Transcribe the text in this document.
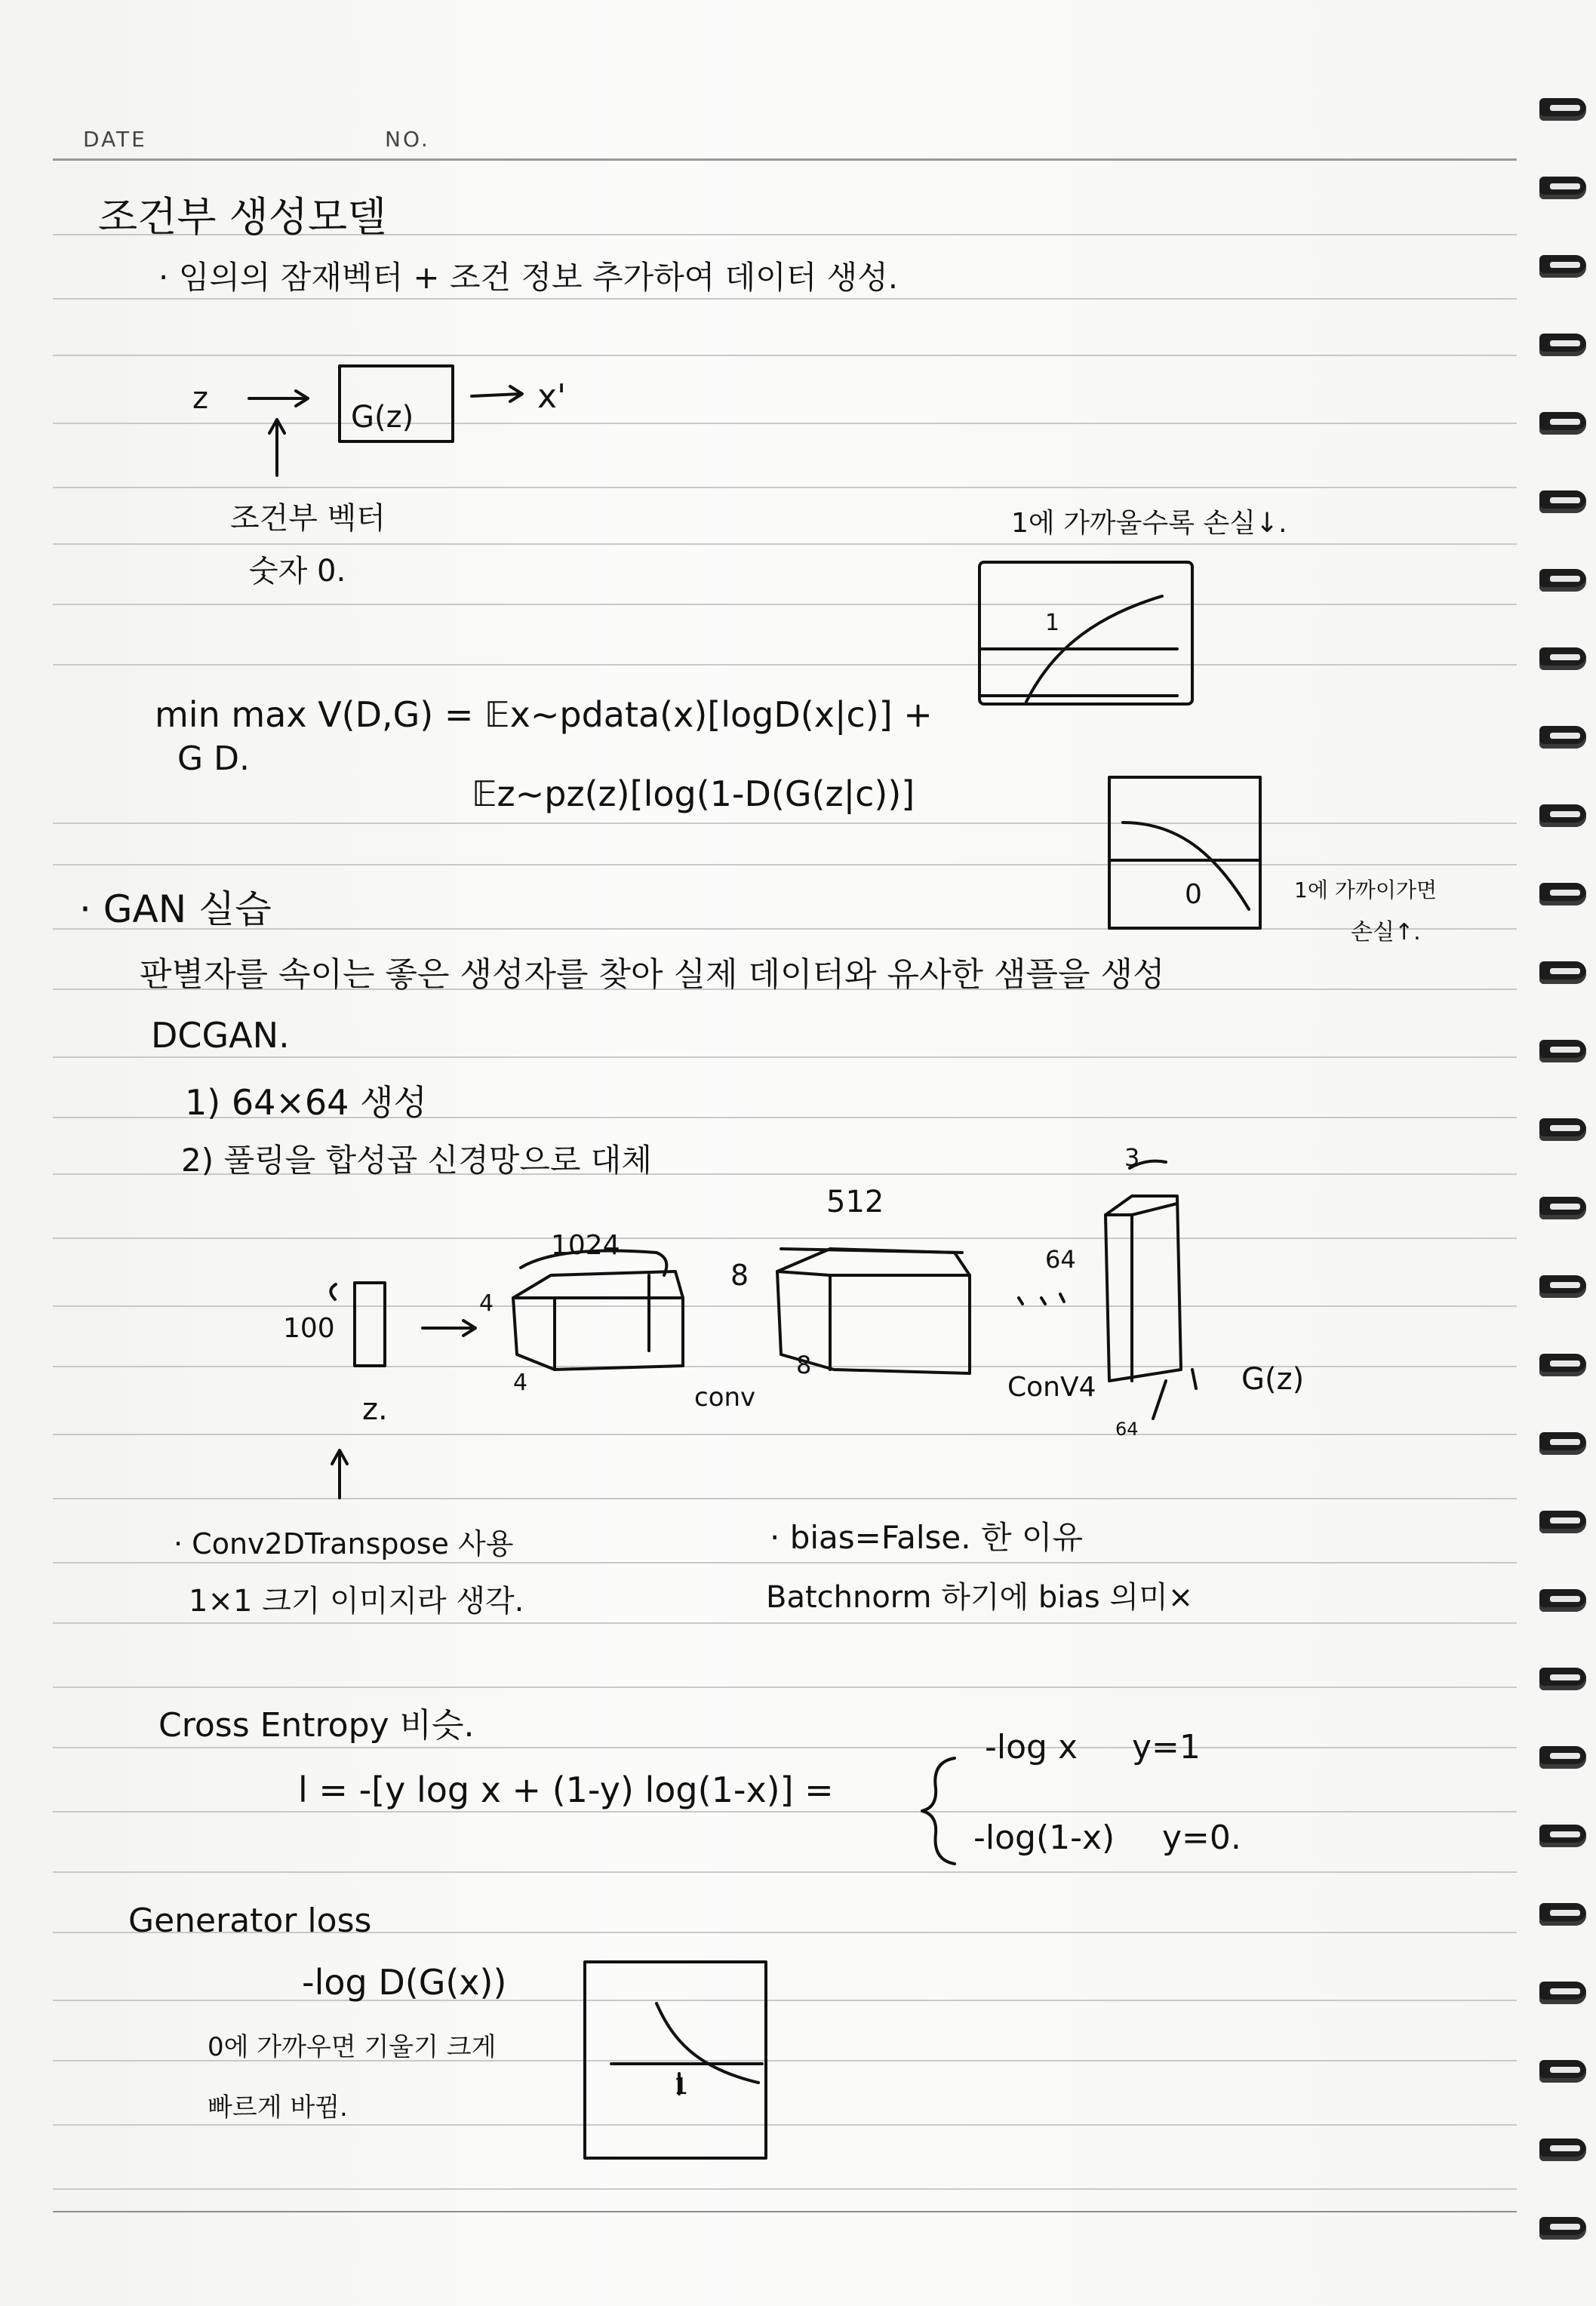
DATE	NO.
조건부 생성모델
· 임의의 잠재벡터 + 조건 정보 추가하여 데이터 생성.
z
G(z)
x'
조건부 벡터
숫자 0.
1에 가까울수록 손실↓.
1
min max V(D,G) = 𝔼x~pdata(x)[logD(x|c)] +
G D.
𝔼z~pz(z)[log(1-D(G(z|c))]
0	1에 가까이가면
손실↑.
· GAN 실습
판별자를 속이는 좋은 생성자를 찾아 실제 데이터와 유사한 샘플을 생성
DCGAN.
1) 64×64 생성
2) 풀링을 합성곱 신경망으로 대체
z.
100
1024
4
4
512
8
8
conv
3
64
64
ConV4	G(z)
· Conv2DTranspose 사용
1×1 크기 이미지라 생각.
· bias=False. 한 이유
Batchnorm 하기에 bias 의미×
Cross Entropy 비슷.
l = -[y log x + (1-y) log(1-x)] =
-log x y=1
-log(1-x) y=0.
Generator loss
-log D(G(x))
0에 가까우면 기울기 크게
빠르게 바뀜.
1
